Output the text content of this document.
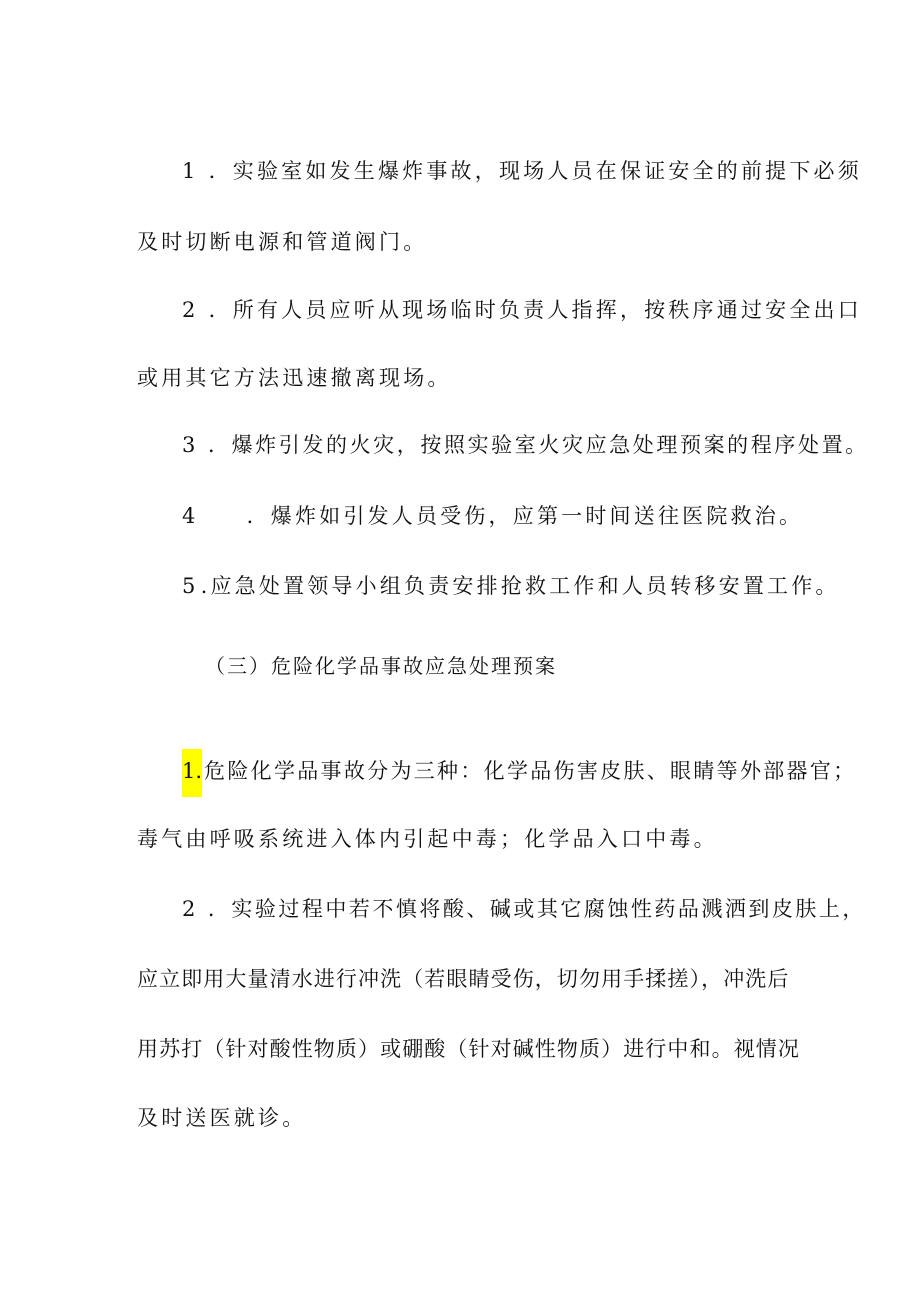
1 ．实验室如发生爆炸事故，现场人员在保证安全的前提下必须
及时切断电源和管道阀门。
2 ．所有人员应听从现场临时负责人指挥，按秩序通过安全出口
或用其它方法迅速撤离现场。
3 ．爆炸引发的火灾，按照实验室火灾应急处理预案的程序处置。
4 ．爆炸如引发人员受伤，应第一时间送往医院救治。
5.应急处置领导小组负责安排抢救工作和人员转移安置工作。
（三）危险化学品事故应急处理预案
1.危险化学品事故分为三种：化学品伤害皮肤、眼睛等外部器官；
毒气由呼吸系统进入体内引起中毒；化学品入口中毒。
2 ．实验过程中若不慎将酸、碱或其它腐蚀性药品溅洒到皮肤上，
应立即用大量清水进行冲洗（若眼睛受伤，切勿用手揉搓），冲洗后
用苏打（针对酸性物质）或硼酸（针对碱性物质）进行中和。视情况
及时送医就诊。
